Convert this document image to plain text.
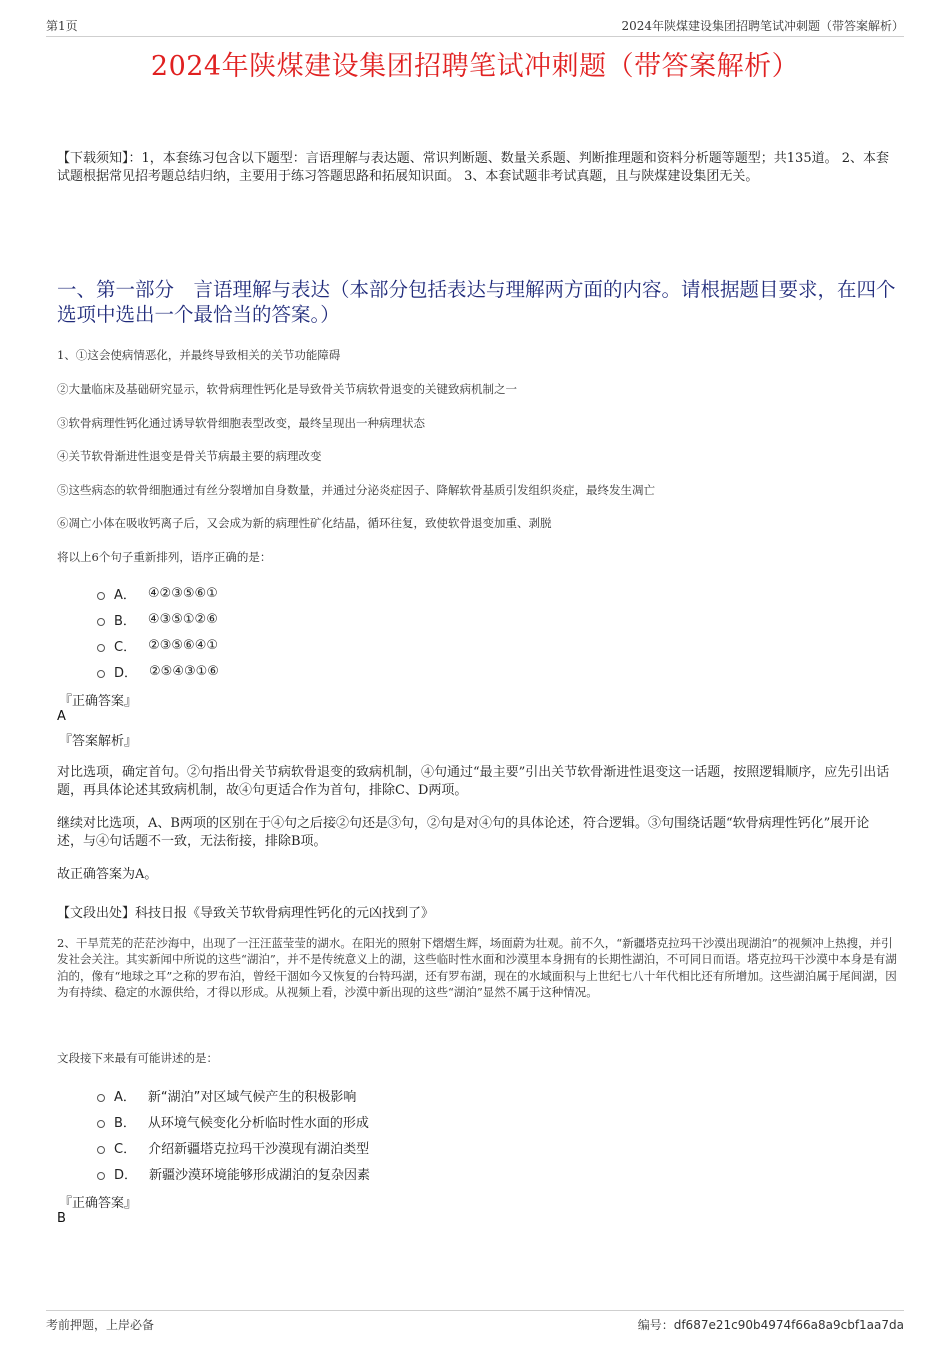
第1页	2024年陕煤建设集团招聘笔试冲刺题（带答案解析）
2024年陕煤建设集团招聘笔试冲刺题（带答案解析）
【下载须知】：1，本套练习包含以下题型：言语理解与表达题、常识判断题、数量关系题、判断推理题和资料分析题等题型；共135道。 2、本套试题根据常见招考题总结归纳，主要用于练习答题思路和拓展知识面。 3、本套试题非考试真题，且与陕煤建设集团无关。
一、第一部分　言语理解与表达（本部分包括表达与理解两方面的内容。请根据题目要求，在四个选项中选出一个最恰当的答案。）
1、①这会使病情恶化，并最终导致相关的关节功能障碍
②大量临床及基础研究显示，软骨病理性钙化是导致骨关节病软骨退变的关键致病机制之一
③软骨病理性钙化通过诱导软骨细胞表型改变，最终呈现出一种病理状态
④关节软骨渐进性退变是骨关节病最主要的病理改变
⑤这些病态的软骨细胞通过有丝分裂增加自身数量，并通过分泌炎症因子、降解软骨基质引发组织炎症，最终发生凋亡
⑥凋亡小体在吸收钙离子后，又会成为新的病理性矿化结晶，循环往复，致使软骨退变加重、剥脱
将以上6个句子重新排列，语序正确的是：
A． ④②③⑤⑥①
B． ④③⑤①②⑥
C． ②③⑤⑥④①
D． ②⑤④③①⑥
『正确答案』
A
『答案解析』
对比选项，确定首句。②句指出骨关节病软骨退变的致病机制，④句通过“最主要”引出关节软骨渐进性退变这一话题，按照逻辑顺序，应先引出话题，再具体论述其致病机制，故④句更适合作为首句，排除C、D两项。
继续对比选项，A、B两项的区别在于④句之后接②句还是③句，②句是对④句的具体论述，符合逻辑。③句围绕话题“软骨病理性钙化”展开论述，与④句话题不一致，无法衔接，排除B项。
故正确答案为A。
【文段出处】科技日报《导致关节软骨病理性钙化的元凶找到了》
2、干旱荒芜的茫茫沙海中，出现了一汪汪蓝莹莹的湖水。在阳光的照射下熠熠生辉，场面蔚为壮观。前不久，“新疆塔克拉玛干沙漠出现湖泊”的视频冲上热搜，并引发社会关注。其实新闻中所说的这些“湖泊”，并不是传统意义上的湖，这些临时性水面和沙漠里本身拥有的长期性湖泊，不可同日而语。塔克拉玛干沙漠中本身是有湖泊的，像有“地球之耳”之称的罗布泊，曾经干涸如今又恢复的台特玛湖，还有罗布湖，现在的水域面积与上世纪七八十年代相比还有所增加。这些湖泊属于尾闾湖，因为有持续、稳定的水源供给，才得以形成。从视频上看，沙漠中新出现的这些“湖泊”显然不属于这种情况。
文段接下来最有可能讲述的是：
A． 新“湖泊”对区域气候产生的积极影响
B． 从环境气候变化分析临时性水面的形成
C． 介绍新疆塔克拉玛干沙漠现有湖泊类型
D． 新疆沙漠环境能够形成湖泊的复杂因素
『正确答案』
B
考前押题，上岸必备	编号：df687e21c90b4974f66a8a9cbf1aa7da
